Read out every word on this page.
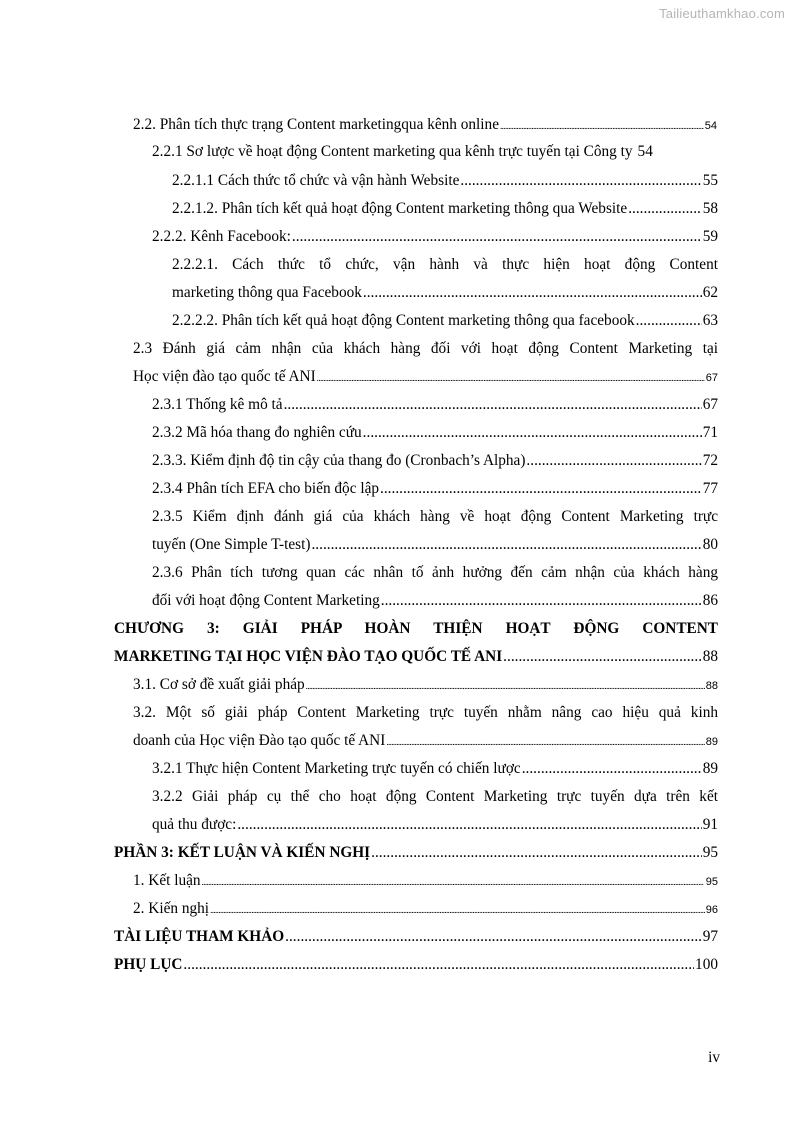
Tailieuthamkhao.com
2.2. Phân tích thực trạng Content marketingqua kênh online .....	54
2.2.1 Sơ lược về hoạt động Content marketing qua kênh trực tuyến tại Công ty 54
2.2.1.1 Cách thức tổ chức và vận hành Website .....	55
2.2.1.2. Phân tích kết quả hoạt động Content marketing thông qua Website .....	58
2.2.2. Kênh Facebook: .....	59
2.2.2.1. Cách thức tổ chức, vận hành và thực hiện hoạt động Content
marketing thông qua Facebook .....	62
2.2.2.2. Phân tích kết quả hoạt động Content marketing thông qua facebook .....	63
2.3 Đánh giá cảm nhận của khách hàng đối với hoạt động Content Marketing tại
Học viện đào tạo quốc tế ANI .....	67
2.3.1 Thống kê mô tả .....	67
2.3.2 Mã hóa thang đo nghiên cứu .....	71
2.3.3. Kiểm định độ tin cậy của thang đo (Cronbach’s Alpha) .....	72
2.3.4 Phân tích EFA cho biến độc lập .....	77
2.3.5 Kiểm định đánh giá của khách hàng về hoạt động Content Marketing trực
tuyến (One Simple T-test) .....	80
2.3.6 Phân tích tương quan các nhân tố ảnh hưởng đến cảm nhận của khách hàng
đối với hoạt động Content Marketing .....	86
CHƯƠNG 3: GIẢI PHÁP HOÀN THIỆN HOẠT ĐỘNG CONTENT
MARKETING TẠI HỌC VIỆN ĐÀO TẠO QUỐC TẾ ANI .....	88
3.1. Cơ sở đề xuất giải pháp .....	88
3.2. Một số giải pháp Content Marketing trực tuyến nhằm nâng cao hiệu quả kinh
doanh của Học viện Đào tạo quốc tế ANI .....	89
3.2.1 Thực hiện Content Marketing trực tuyến có chiến lược .....	89
3.2.2 Giải pháp cụ thể cho hoạt động Content Marketing trực tuyến dựa trên kết
quả thu được: .....	91
PHẦN 3: KẾT LUẬN VÀ KIẾN NGHỊ .....	95
1. Kết luận .....	95
2. Kiến nghị .....	96
TÀI LIỆU THAM KHẢO .....	97
PHỤ LỤC .....	100
iv
